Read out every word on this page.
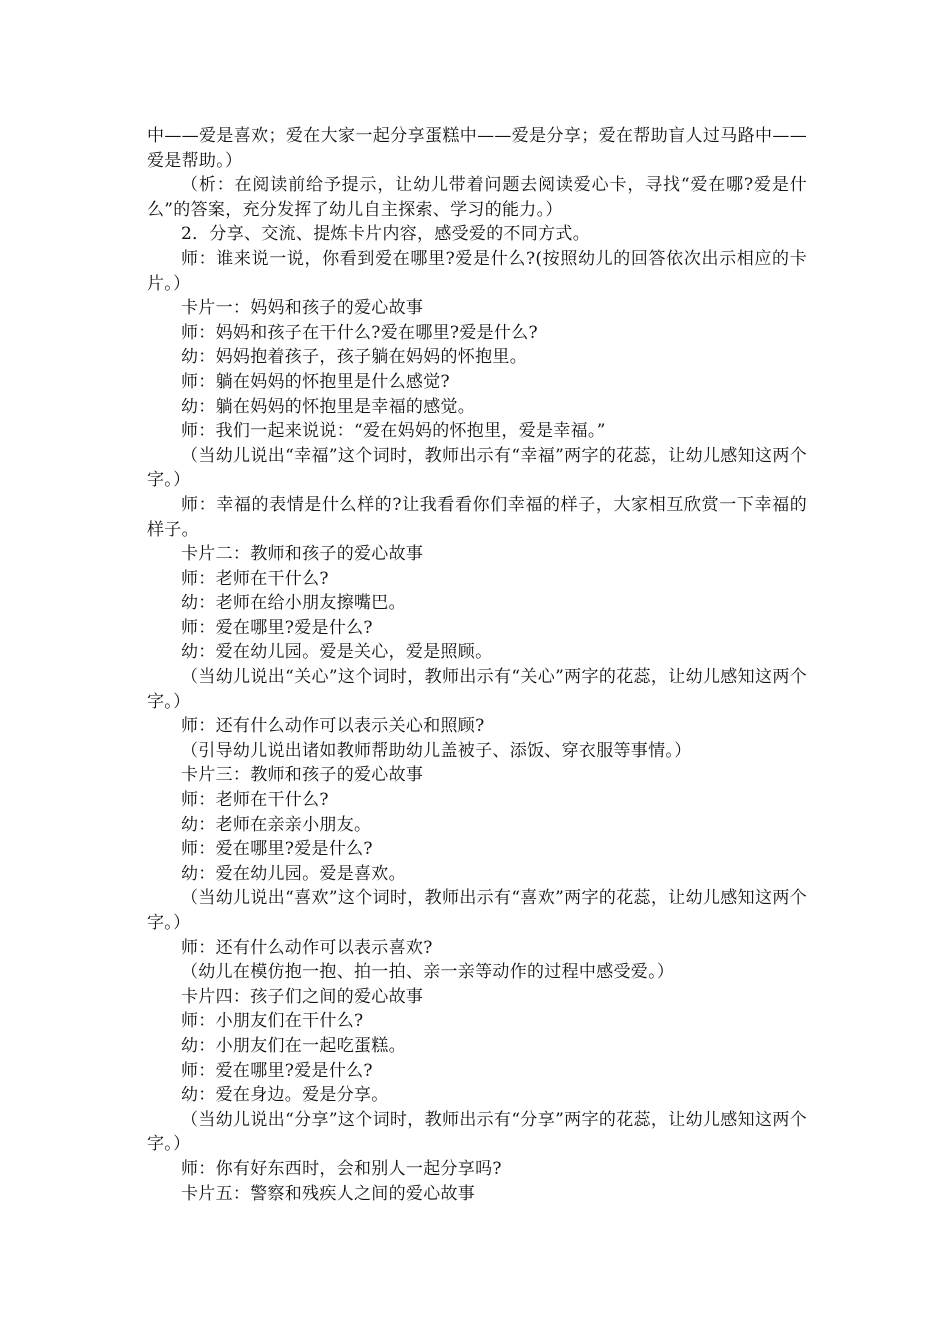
中——爱是喜欢；爱在大家一起分享蛋糕中——爱是分享；爱在帮助盲人过马路中——爱是帮助。）

（析：在阅读前给予提示，让幼儿带着问题去阅读爱心卡，寻找“爱在哪?爱是什么”的答案，充分发挥了幼儿自主探索、学习的能力。）

2．分享、交流、提炼卡片内容，感受爱的不同方式。

师：谁来说一说，你看到爱在哪里?爱是什么?(按照幼儿的回答依次出示相应的卡片。）

卡片一：妈妈和孩子的爱心故事

师：妈妈和孩子在干什么?爱在哪里?爱是什么?

幼：妈妈抱着孩子，孩子躺在妈妈的怀抱里。

师：躺在妈妈的怀抱里是什么感觉?

幼：躺在妈妈的怀抱里是幸福的感觉。

师：我们一起来说说：“爱在妈妈的怀抱里，爱是幸福。”

（当幼儿说出“幸福”这个词时，教师出示有“幸福”两字的花蕊，让幼儿感知这两个字。）

师：幸福的表情是什么样的?让我看看你们幸福的样子，大家相互欣赏一下幸福的样子。

卡片二：教师和孩子的爱心故事

师：老师在干什么?

幼：老师在给小朋友擦嘴巴。

师：爱在哪里?爱是什么?

幼：爱在幼儿园。爱是关心，爱是照顾。

（当幼儿说出“关心”这个词时，教师出示有“关心”两字的花蕊，让幼儿感知这两个字。）

师：还有什么动作可以表示关心和照顾?

（引导幼儿说出诸如教师帮助幼儿盖被子、添饭、穿衣服等事情。）

卡片三：教师和孩子的爱心故事

师：老师在干什么?

幼：老师在亲亲小朋友。

师：爱在哪里?爱是什么?

幼：爱在幼儿园。爱是喜欢。

（当幼儿说出“喜欢”这个词时，教师出示有“喜欢”两字的花蕊，让幼儿感知这两个字。）

师：还有什么动作可以表示喜欢?

（幼儿在模仿抱一抱、拍一拍、亲一亲等动作的过程中感受爱。）

卡片四：孩子们之间的爱心故事

师：小朋友们在干什么?

幼：小朋友们在一起吃蛋糕。

师：爱在哪里?爱是什么?

幼：爱在身边。爱是分享。

（当幼儿说出“分享”这个词时，教师出示有“分享”两字的花蕊，让幼儿感知这两个字。）

师：你有好东西时，会和别人一起分享吗?

卡片五：警察和残疾人之间的爱心故事
